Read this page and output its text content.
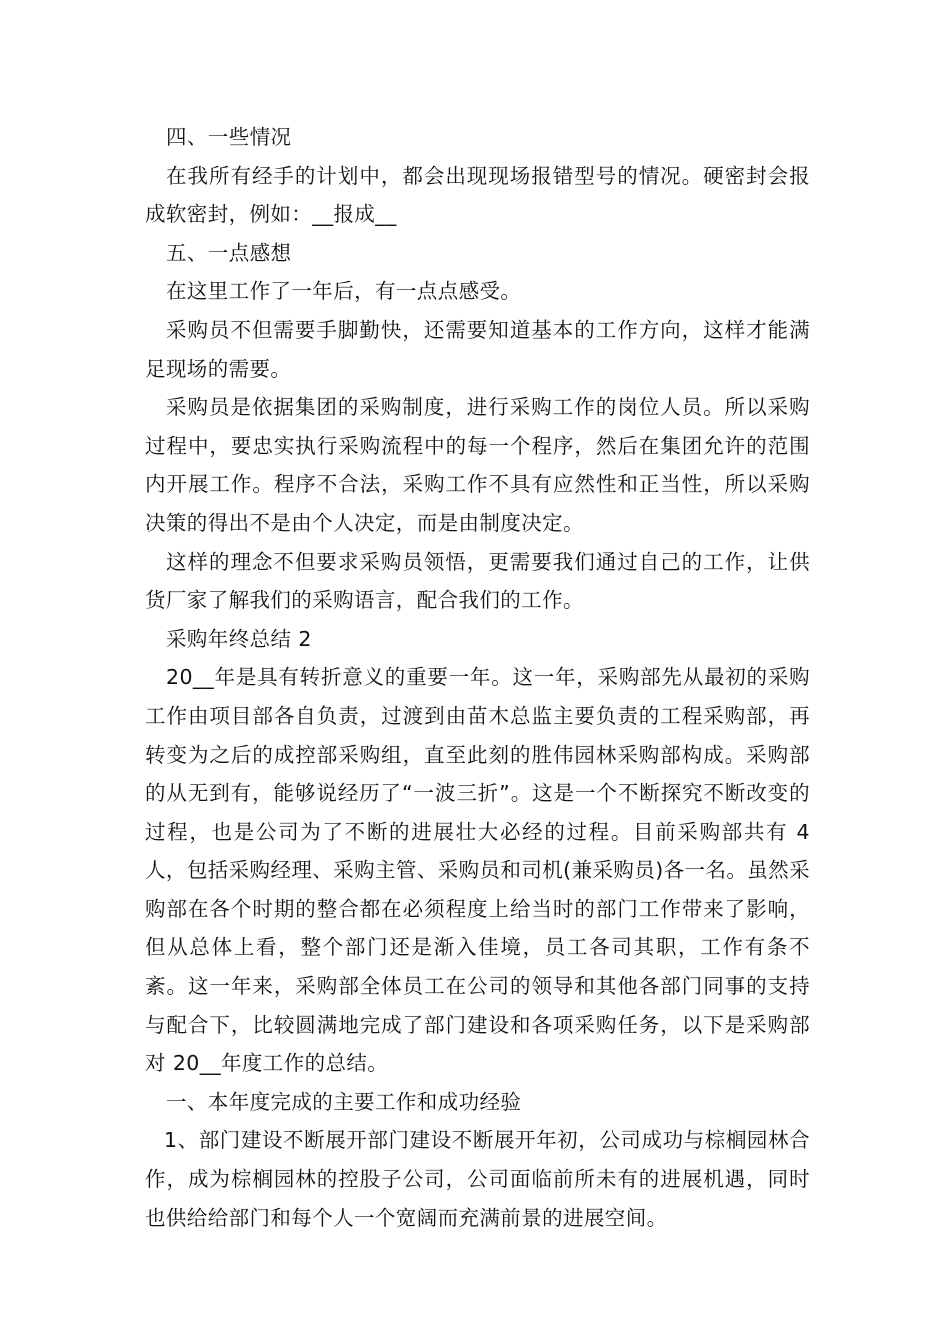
四、一些情况

在我所有经手的计划中，都会出现现场报错型号的情况。硬密封会报成软密封，例如：__报成__

五、一点感想

在这里工作了一年后，有一点点感受。

采购员不但需要手脚勤快，还需要知道基本的工作方向，这样才能满足现场的需要。

采购员是依据集团的采购制度，进行采购工作的岗位人员。所以采购过程中，要忠实执行采购流程中的每一个程序，然后在集团允许的范围内开展工作。程序不合法，采购工作不具有应然性和正当性，所以采购决策的得出不是由个人决定，而是由制度决定。

这样的理念不但要求采购员领悟，更需要我们通过自己的工作，让供货厂家了解我们的采购语言，配合我们的工作。

采购年终总结 2

20__年是具有转折意义的重要一年。这一年，采购部先从最初的采购工作由项目部各自负责，过渡到由苗木总监主要负责的工程采购部，再转变为之后的成控部采购组，直至此刻的胜伟园林采购部构成。采购部的从无到有，能够说经历了“一波三折”。这是一个不断探究不断改变的过程，也是公司为了不断的进展壮大必经的过程。目前采购部共有 4 人，包括采购经理、采购主管、采购员和司机(兼采购员)各一名。虽然采购部在各个时期的整合都在必须程度上给当时的部门工作带来了影响，但从总体上看，整个部门还是渐入佳境，员工各司其职，工作有条不紊。这一年来，采购部全体员工在公司的领导和其他各部门同事的支持与配合下，比较圆满地完成了部门建设和各项采购任务，以下是采购部对 20__年度工作的总结。

一、本年度完成的主要工作和成功经验

1、部门建设不断展开部门建设不断展开年初，公司成功与棕榈园林合作，成为棕榈园林的控股子公司，公司面临前所未有的进展机遇，同时也供给给部门和每个人一个宽阔而充满前景的进展空间。
